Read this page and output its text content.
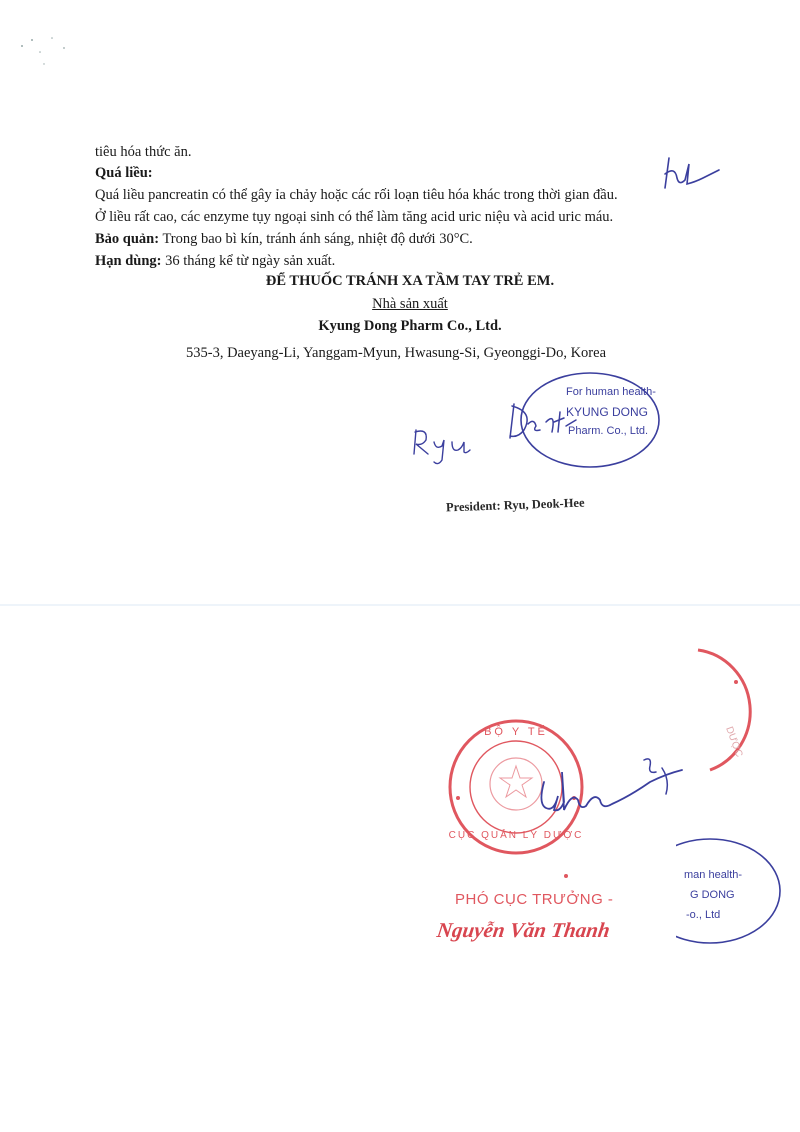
tiêu hóa thức ăn.
Quá liều:
Quá liều pancreatin có thể gây ỉa chảy hoặc các rối loạn tiêu hóa khác trong thời gian đầu.
Ở liều rất cao, các enzyme tụy ngoại sinh có thể làm tăng acid uric niệu và acid uric máu.
Bảo quản: Trong bao bì kín, tránh ánh sáng, nhiệt độ dưới 30°C.
Hạn dùng: 36 tháng kể từ ngày sản xuất.
ĐỂ THUỐC TRÁNH XA TẦM TAY TRẺ EM.
Nhà sản xuất
Kyung Dong Pharm Co., Ltd.
535-3, Daeyang-Li, Yanggam-Myun, Hwasung-Si, Gyeonggi-Do, Korea
For human health-
KYUNG DONG
Pharm. Co., Ltd.
President: Ryu, Deok-Hee
DƯỢC
BỘ Y TẾ
CỤC QUẢN LÝ DƯỢC
man health-
G DONG
-o., Ltd
PHÓ CỤC TRƯỞNG -
Nguyễn Văn Thanh
